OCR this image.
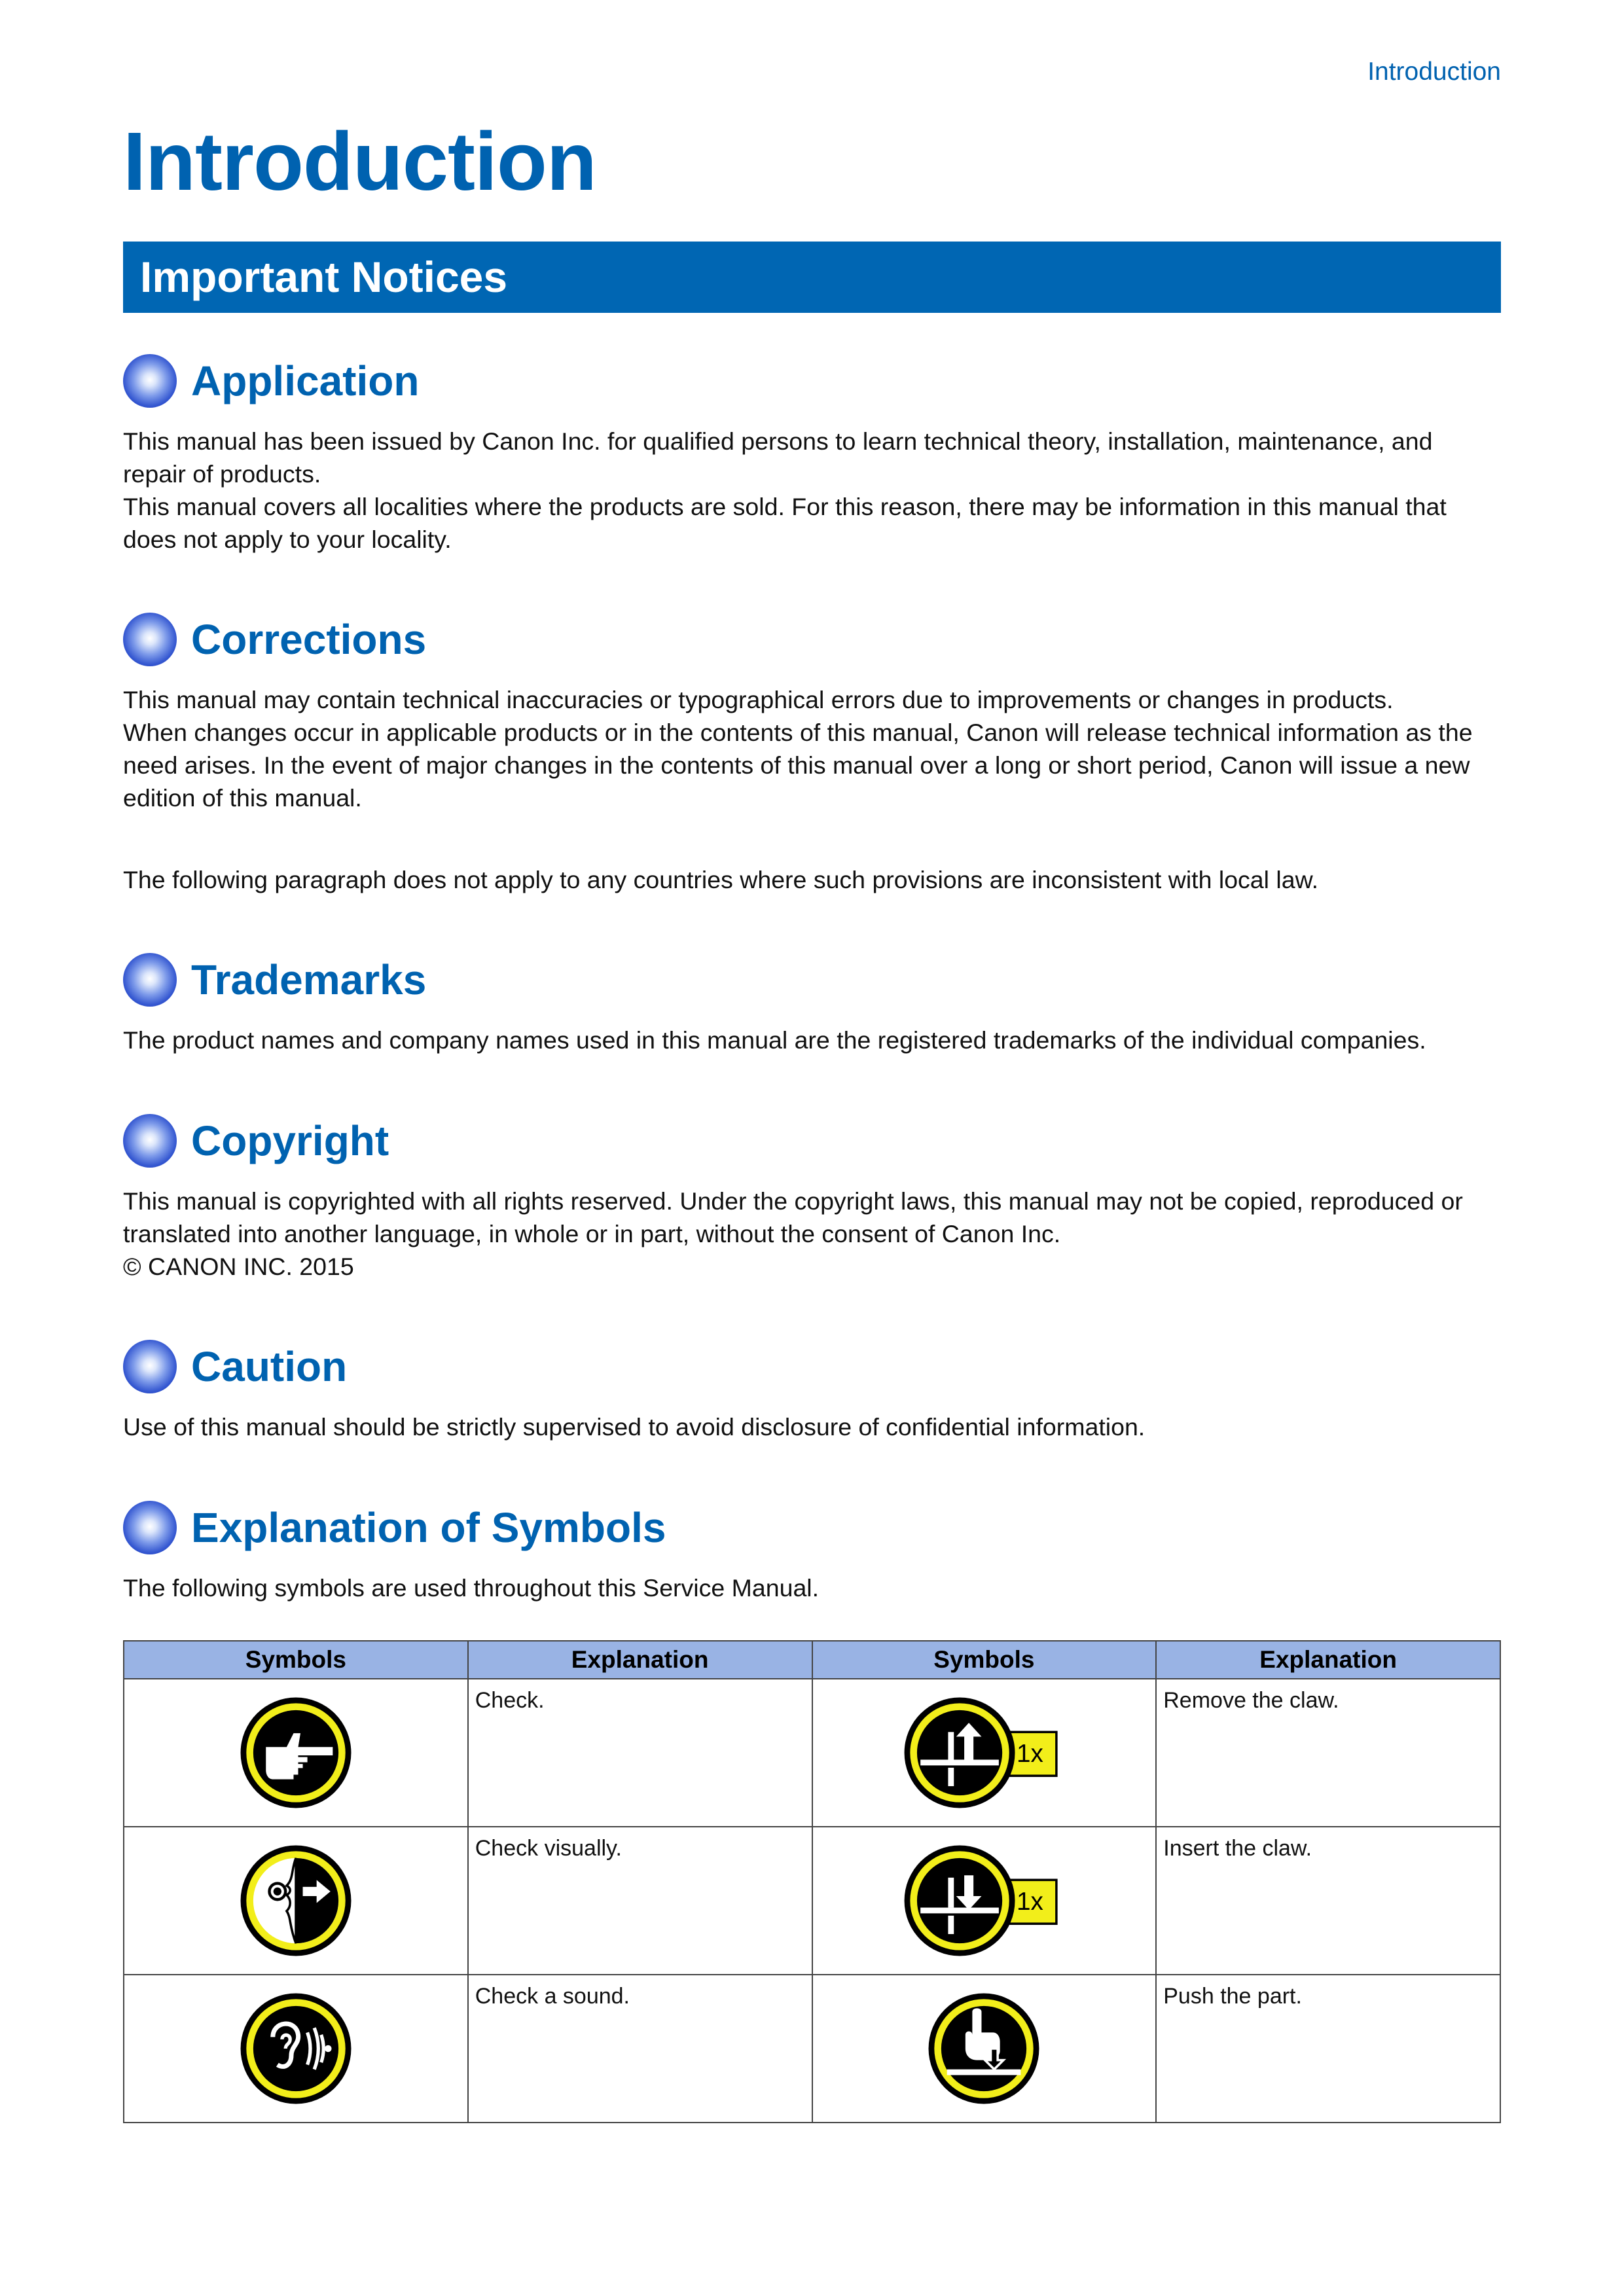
Introduction
Introduction
Important Notices
Application

This manual has been issued by Canon Inc. for qualified persons to learn technical theory, installation, maintenance, and repair of products.

This manual covers all localities where the products are sold. For this reason, there may be information in this manual that does not apply to your locality.

Corrections

This manual may contain technical inaccuracies or typographical errors due to improvements or changes in products.

When changes occur in applicable products or in the contents of this manual, Canon will release technical information as the need arises. In the event of major changes in the contents of this manual over a long or short period, Canon will issue a new edition of this manual.

The following paragraph does not apply to any countries where such provisions are inconsistent with local law.

Trademarks

The product names and company names used in this manual are the registered trademarks of the individual companies.

Copyright

This manual is copyrighted with all rights reserved. Under the copyright laws, this manual may not be copied, reproduced or translated into another language, in whole or in part, without the consent of Canon Inc.

© CANON INC. 2015

Caution

Use of this manual should be strictly supervised to avoid disclosure of confidential information.

Explanation of Symbols

The following symbols are used throughout this Service Manual.

Symbols	Explanation	Symbols	Explanation
	Check.	1x	Remove the claw.
	Check visually.	1x	Insert the claw.
	Check a sound.		Push the part.
